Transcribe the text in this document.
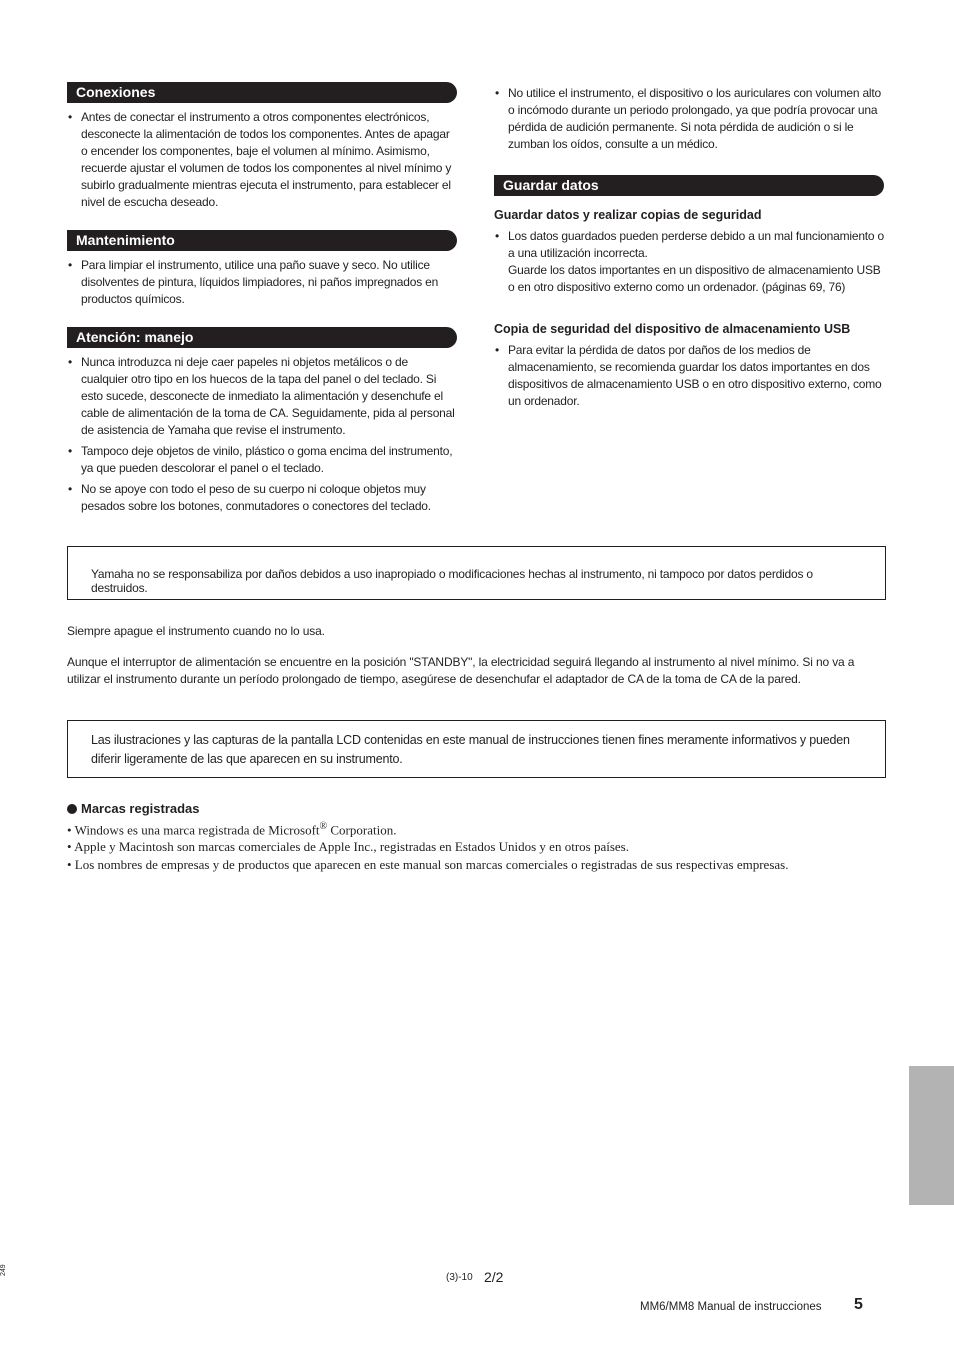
Conexiones
• Antes de conectar el instrumento a otros componentes electrónicos, desconecte la alimentación de todos los componentes. Antes de apagar o encender los componentes, baje el volumen al mínimo. Asimismo, recuerde ajustar el volumen de todos los componentes al nivel mínimo y subirlo gradualmente mientras ejecuta el instrumento, para establecer el nivel de escucha deseado.
Mantenimiento
• Para limpiar el instrumento, utilice una paño suave y seco. No utilice disolventes de pintura, líquidos limpiadores, ni paños impregnados en productos químicos.
Atención: manejo
• Nunca introduzca ni deje caer papeles ni objetos metálicos o de cualquier otro tipo en los huecos de la tapa del panel o del teclado. Si esto sucede, desconecte de inmediato la alimentación y desenchufe el cable de alimentación de la toma de CA. Seguidamente, pida al personal de asistencia de Yamaha que revise el instrumento.
• Tampoco deje objetos de vinilo, plástico o goma encima del instrumento, ya que pueden descolorar el panel o el teclado.
• No se apoye con todo el peso de su cuerpo ni coloque objetos muy pesados sobre los botones, conmutadores o conectores del teclado.
• No utilice el instrumento, el dispositivo o los auriculares con volumen alto o incómodo durante un periodo prolongado, ya que podría provocar una pérdida de audición permanente. Si nota pérdida de audición o si le zumban los oídos, consulte a un médico.
Guardar datos
Guardar datos y realizar copias de seguridad
• Los datos guardados pueden perderse debido a un mal funcionamiento o a una utilización incorrecta.
Guarde los datos importantes en un dispositivo de almacenamiento USB o en otro dispositivo externo como un ordenador. (páginas 69, 76)
Copia de seguridad del dispositivo de almacenamiento USB
• Para evitar la pérdida de datos por daños de los medios de almacenamiento, se recomienda guardar los datos importantes en dos dispositivos de almacenamiento USB o en otro dispositivo externo, como un ordenador.
Yamaha no se responsabiliza por daños debidos a uso inapropiado o modificaciones hechas al instrumento, ni tampoco por datos perdidos o destruidos.
Siempre apague el instrumento cuando no lo usa.
Aunque el interruptor de alimentación se encuentre en la posición "STANDBY", la electricidad seguirá llegando al instrumento al nivel mínimo. Si no va a utilizar el instrumento durante un período prolongado de tiempo, asegúrese de desenchufar el adaptador de CA de la toma de CA de la pared.
Las ilustraciones y las capturas de la pantalla LCD contenidas en este manual de instrucciones tienen fines meramente informativos y pueden diferir ligeramente de las que aparecen en su instrumento.
Marcas registradas
• Windows es una marca registrada de Microsoft® Corporation.
• Apple y Macintosh son marcas comerciales de Apple Inc., registradas en Estados Unidos y en otros países.
• Los nombres de empresas y de productos que aparecen en este manual son marcas comerciales o registradas de sus respectivas empresas.
249
(3)-10 2/2
MM6/MM8 Manual de instrucciones 5
